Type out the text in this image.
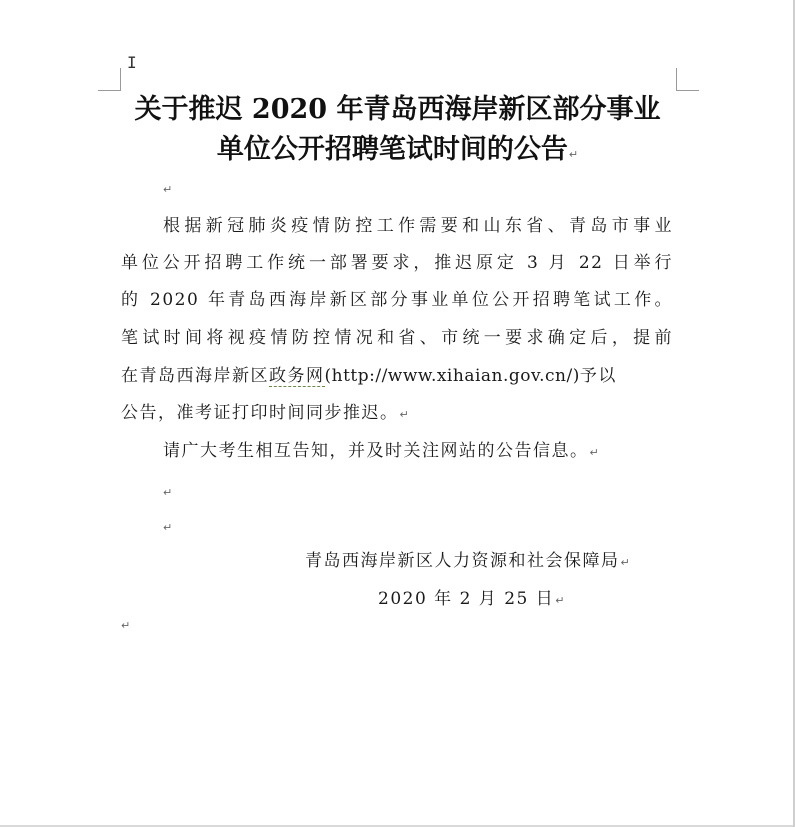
I
关于推迟 2020 年青岛西海岸新区部分事业
单位公开招聘笔试时间的公告↵
↵
根据新冠肺炎疫情防控工作需要和山东省、青岛市事业
单位公开招聘工作统一部署要求，推迟原定 3 月 22 日举行
的 2020 年青岛西海岸新区部分事业单位公开招聘笔试工作。
笔试时间将视疫情防控情况和省、市统一要求确定后，提前
在青岛西海岸新区政务网(http://www.xihaian.gov.cn/)予以
公告，准考证打印时间同步推迟。↵
请广大考生相互告知，并及时关注网站的公告信息。↵
↵
↵
青岛西海岸新区人力资源和社会保障局↵
2020 年 2 月 25 日↵
↵
